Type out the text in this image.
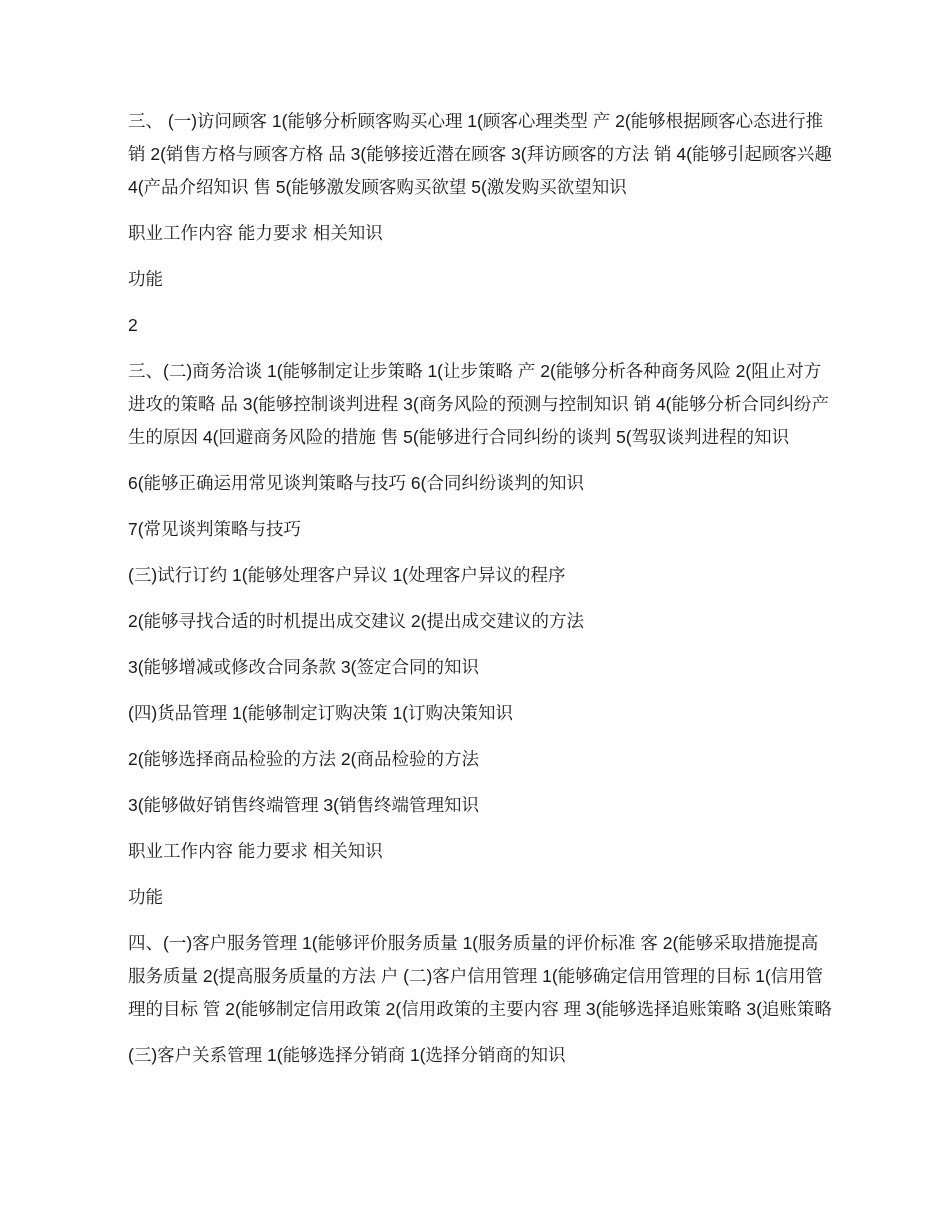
三、 (一)访问顾客 1(能够分析顾客购买心理 1(顾客心理类型 产 2(能够根据顾客心态进行推销 2(销售方格与顾客方格 品 3(能够接近潜在顾客 3(拜访顾客的方法 销 4(能够引起顾客兴趣 4(产品介绍知识 售 5(能够激发顾客购买欲望 5(激发购买欲望知识

职业工作内容 能力要求 相关知识

功能

2

三、(二)商务洽谈 1(能够制定让步策略 1(让步策略 产 2(能够分析各种商务风险 2(阻止对方进攻的策略 品 3(能够控制谈判进程 3(商务风险的预测与控制知识 销 4(能够分析合同纠纷产生的原因 4(回避商务风险的措施 售 5(能够进行合同纠纷的谈判 5(驾驭谈判进程的知识

6(能够正确运用常见谈判策略与技巧 6(合同纠纷谈判的知识

7(常见谈判策略与技巧

(三)试行订约 1(能够处理客户异议 1(处理客户异议的程序

2(能够寻找合适的时机提出成交建议 2(提出成交建议的方法

3(能够增减或修改合同条款 3(签定合同的知识

(四)货品管理 1(能够制定订购决策 1(订购决策知识

2(能够选择商品检验的方法 2(商品检验的方法

3(能够做好销售终端管理 3(销售终端管理知识

职业工作内容 能力要求 相关知识

功能

四、(一)客户服务管理 1(能够评价服务质量 1(服务质量的评价标准 客 2(能够采取措施提高服务质量 2(提高服务质量的方法 户 (二)客户信用管理 1(能够确定信用管理的目标 1(信用管理的目标 管 2(能够制定信用政策 2(信用政策的主要内容 理 3(能够选择追账策略 3(追账策略

(三)客户关系管理 1(能够选择分销商 1(选择分销商的知识
